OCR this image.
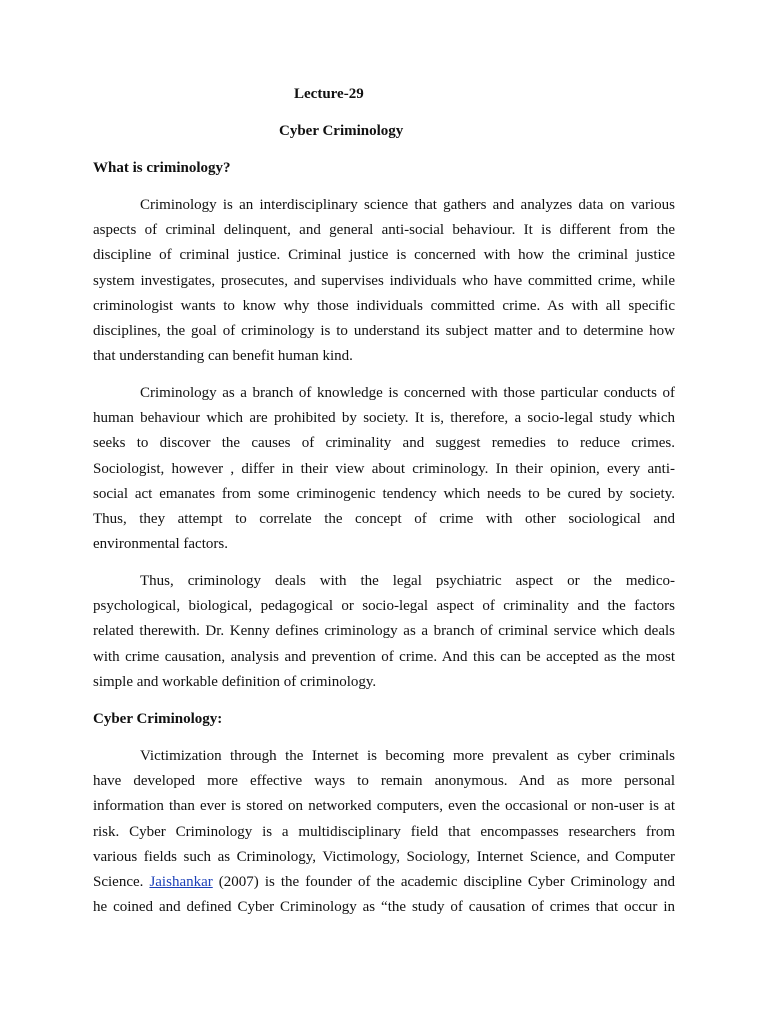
Lecture-29
Cyber Criminology
What is criminology?
Criminology is an interdisciplinary science that gathers and analyzes data on various
aspects of criminal delinquent, and general anti-social behaviour. It is different from the
discipline of criminal justice. Criminal justice is concerned with how the criminal justice
system investigates, prosecutes, and supervises individuals who have committed crime, while
criminologist wants to know why those individuals committed crime. As with all specific
disciplines, the goal of criminology is to understand its subject matter and to determine how
that understanding can benefit human kind.
Criminology as a branch of knowledge is concerned with those particular conducts of
human behaviour which are prohibited by society. It is, therefore, a socio-legal study which
seeks to discover the causes of criminality and suggest remedies to reduce crimes.
Sociologist, however , differ in their view about criminology. In their opinion, every anti-
social act emanates from some criminogenic tendency which needs to be cured by society.
Thus, they attempt to correlate the concept of crime with other sociological and
environmental factors.
Thus, criminology deals with the legal psychiatric aspect or the medico-
psychological, biological, pedagogical or socio-legal aspect of criminality and the factors
related therewith. Dr. Kenny defines criminology as a branch of criminal service which deals
with crime causation, analysis and prevention of crime. And this can be accepted as the most
simple and workable definition of criminology.
Cyber Criminology:
Victimization through the Internet is becoming more prevalent as cyber criminals
have developed more effective ways to remain anonymous. And as more personal
information than ever is stored on networked computers, even the occasional or non-user is at
risk. Cyber Criminology is a multidisciplinary field that encompasses researchers from
various fields such as Criminology, Victimology, Sociology, Internet Science, and Computer
Science. Jaishankar (2007) is the founder of the academic discipline Cyber Criminology and
he coined and defined Cyber Criminology as “the study of causation of crimes that occur in
